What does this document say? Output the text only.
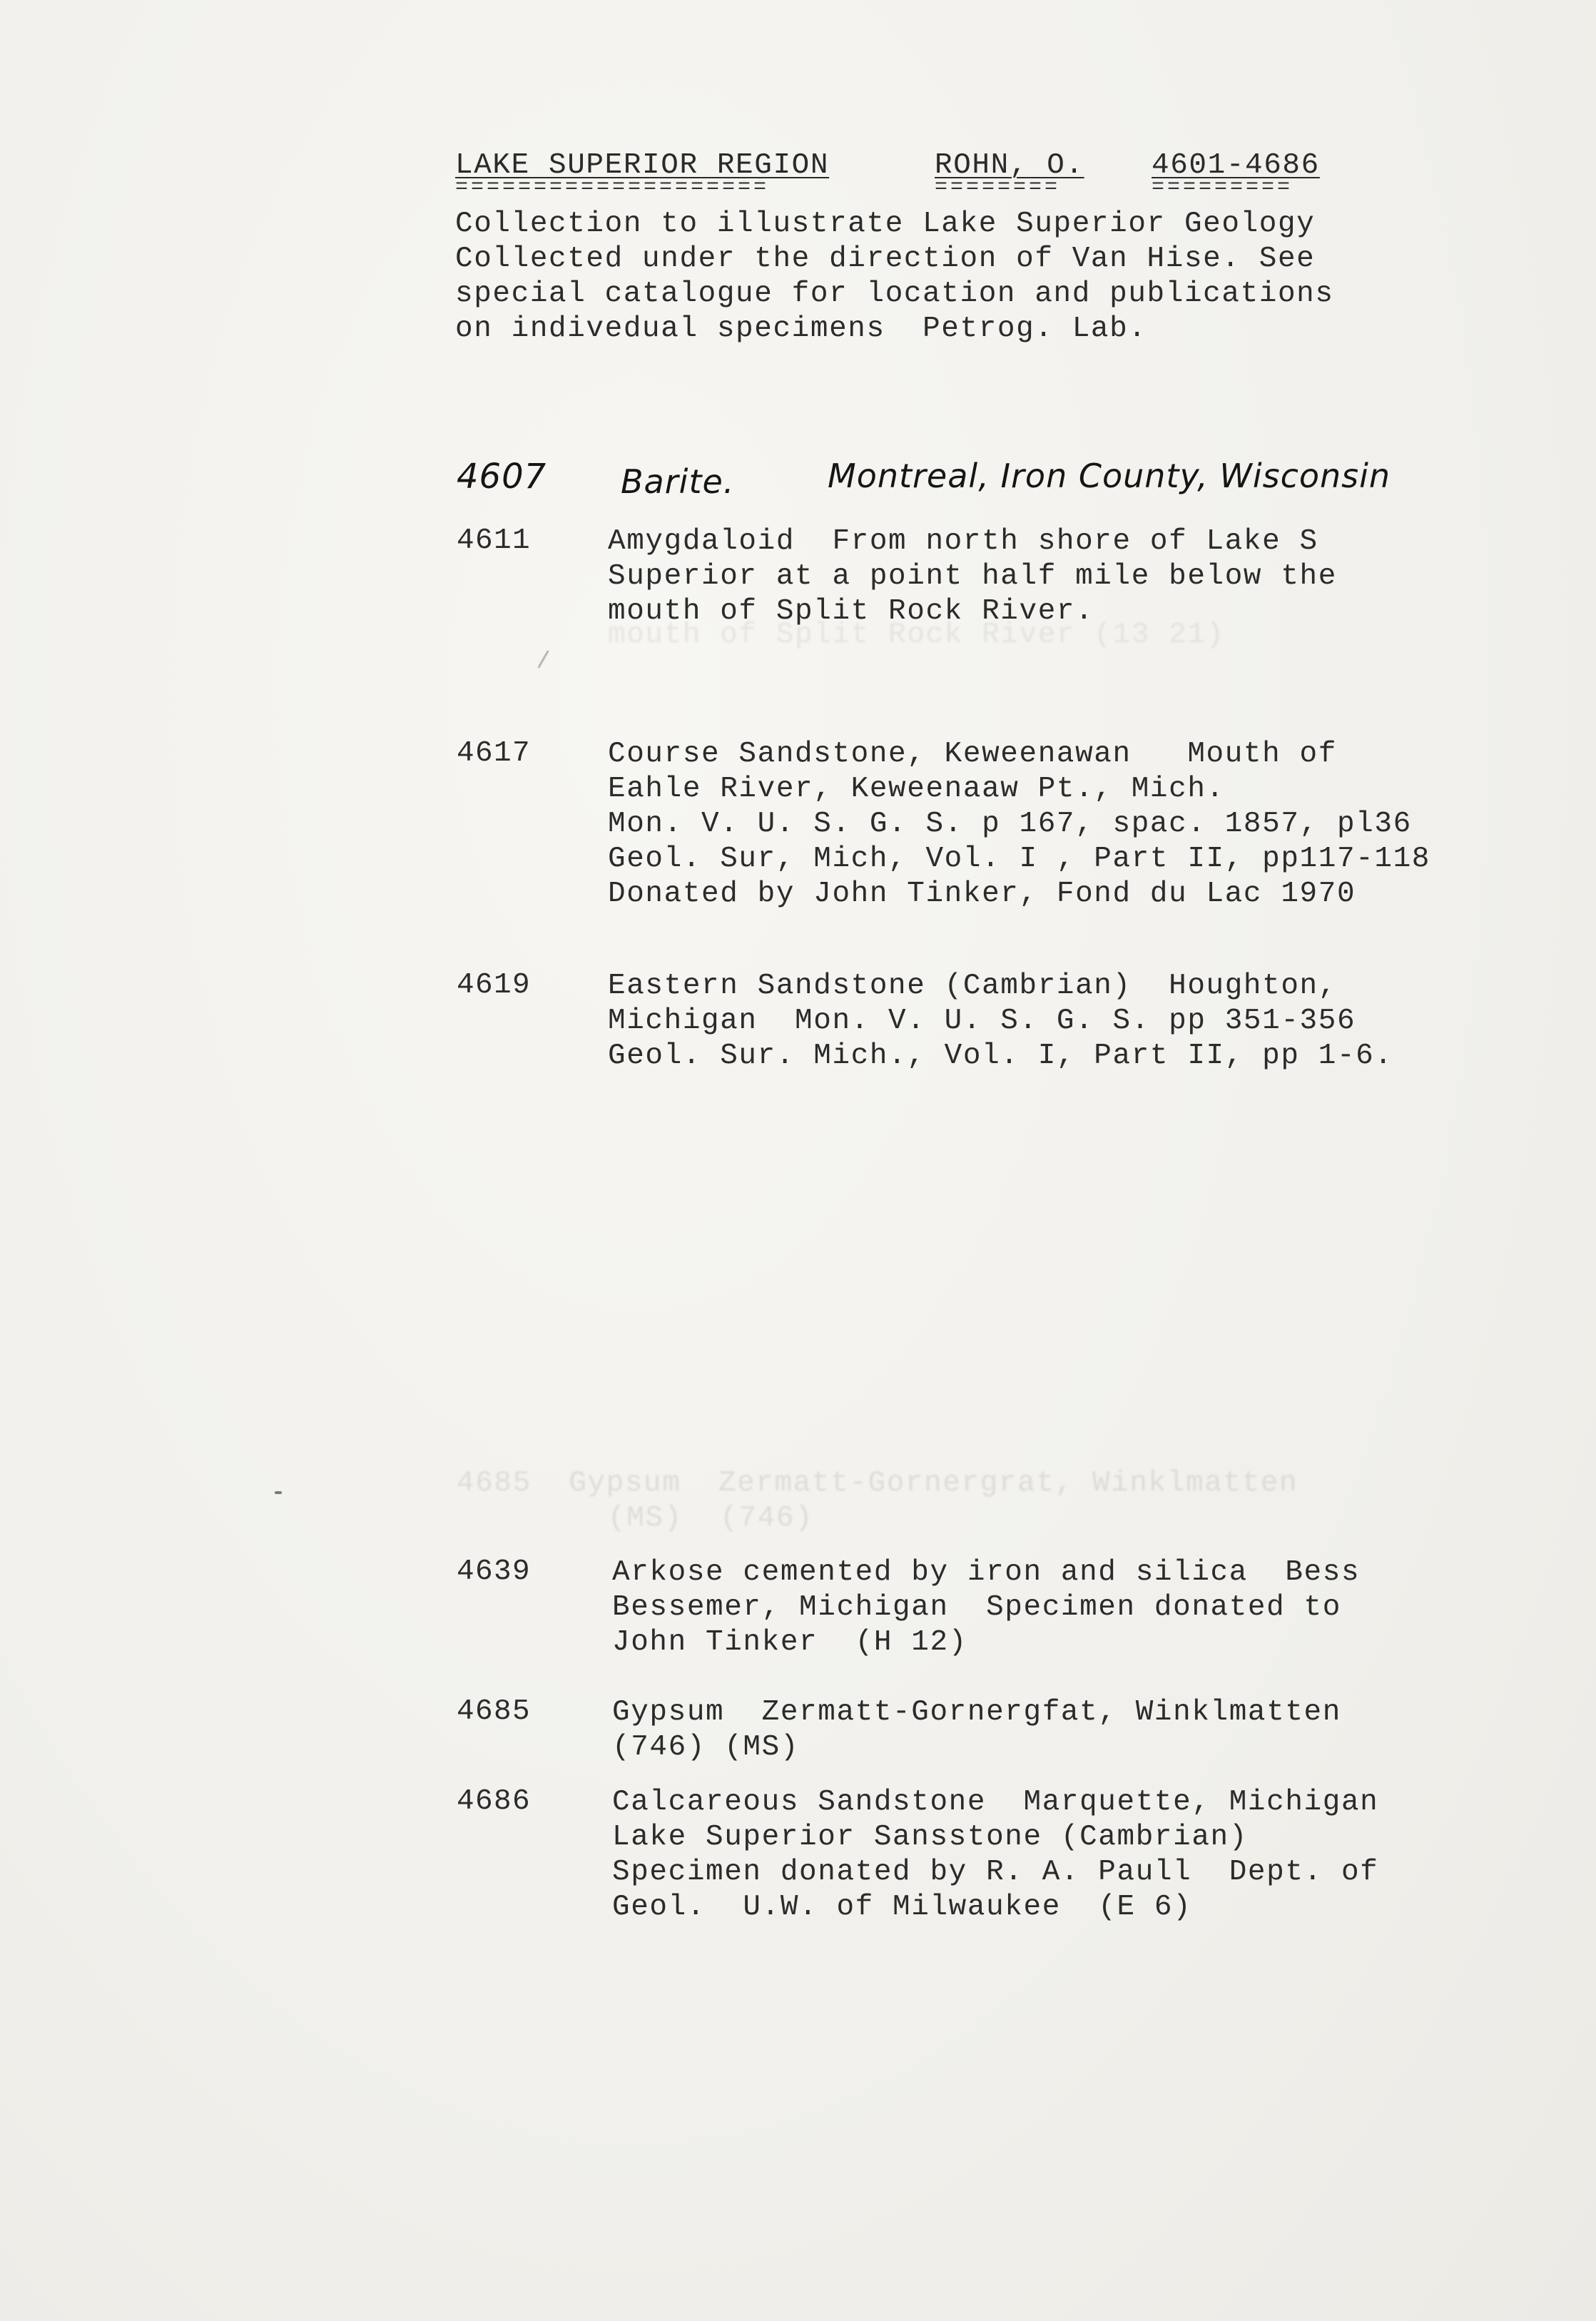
LAKE SUPERIOR REGION	ROHN, O. 4601-4686
====================	========	=========
Collection to illustrate Lake Superior Geology
Collected under the direction of Van Hise. See
special catalogue for location and publications
on indivedual specimens  Petrog. Lab.
4607 Barite.	Montreal, Iron County, Wisconsin
4611	Amygdaloid  From north shore of Lake S
Superior at a point half mile below the
mouth of Split Rock River.
mouth of Split Rock River (13 21)
4617	Course Sandstone, Keweenawan   Mouth of
Eahle River, Keweenaaw Pt., Mich.
Mon. V. U. S. G. S. p 167, spac. 1857, pl36
Geol. Sur, Mich, Vol. I , Part II, pp117-118
Donated by John Tinker, Fond du Lac 1970
4619	Eastern Sandstone (Cambrian)  Houghton,
Michigan  Mon. V. U. S. G. S. pp 351-356
Geol. Sur. Mich., Vol. I, Part II, pp 1-6.
4685  Gypsum  Zermatt-Gornergrat, Winklmatten
(MS)  (746)
4639	Arkose cemented by iron and silica  Bess
Bessemer, Michigan  Specimen donated to
John Tinker  (H 12)
4685	Gypsum  Zermatt-Gornergfat, Winklmatten
(746) (MS)
4686	Calcareous Sandstone  Marquette, Michigan
Lake Superior Sansstone (Cambrian)
Specimen donated by R. A. Paull  Dept. of
Geol.  U.W. of Milwaukee  (E 6)
